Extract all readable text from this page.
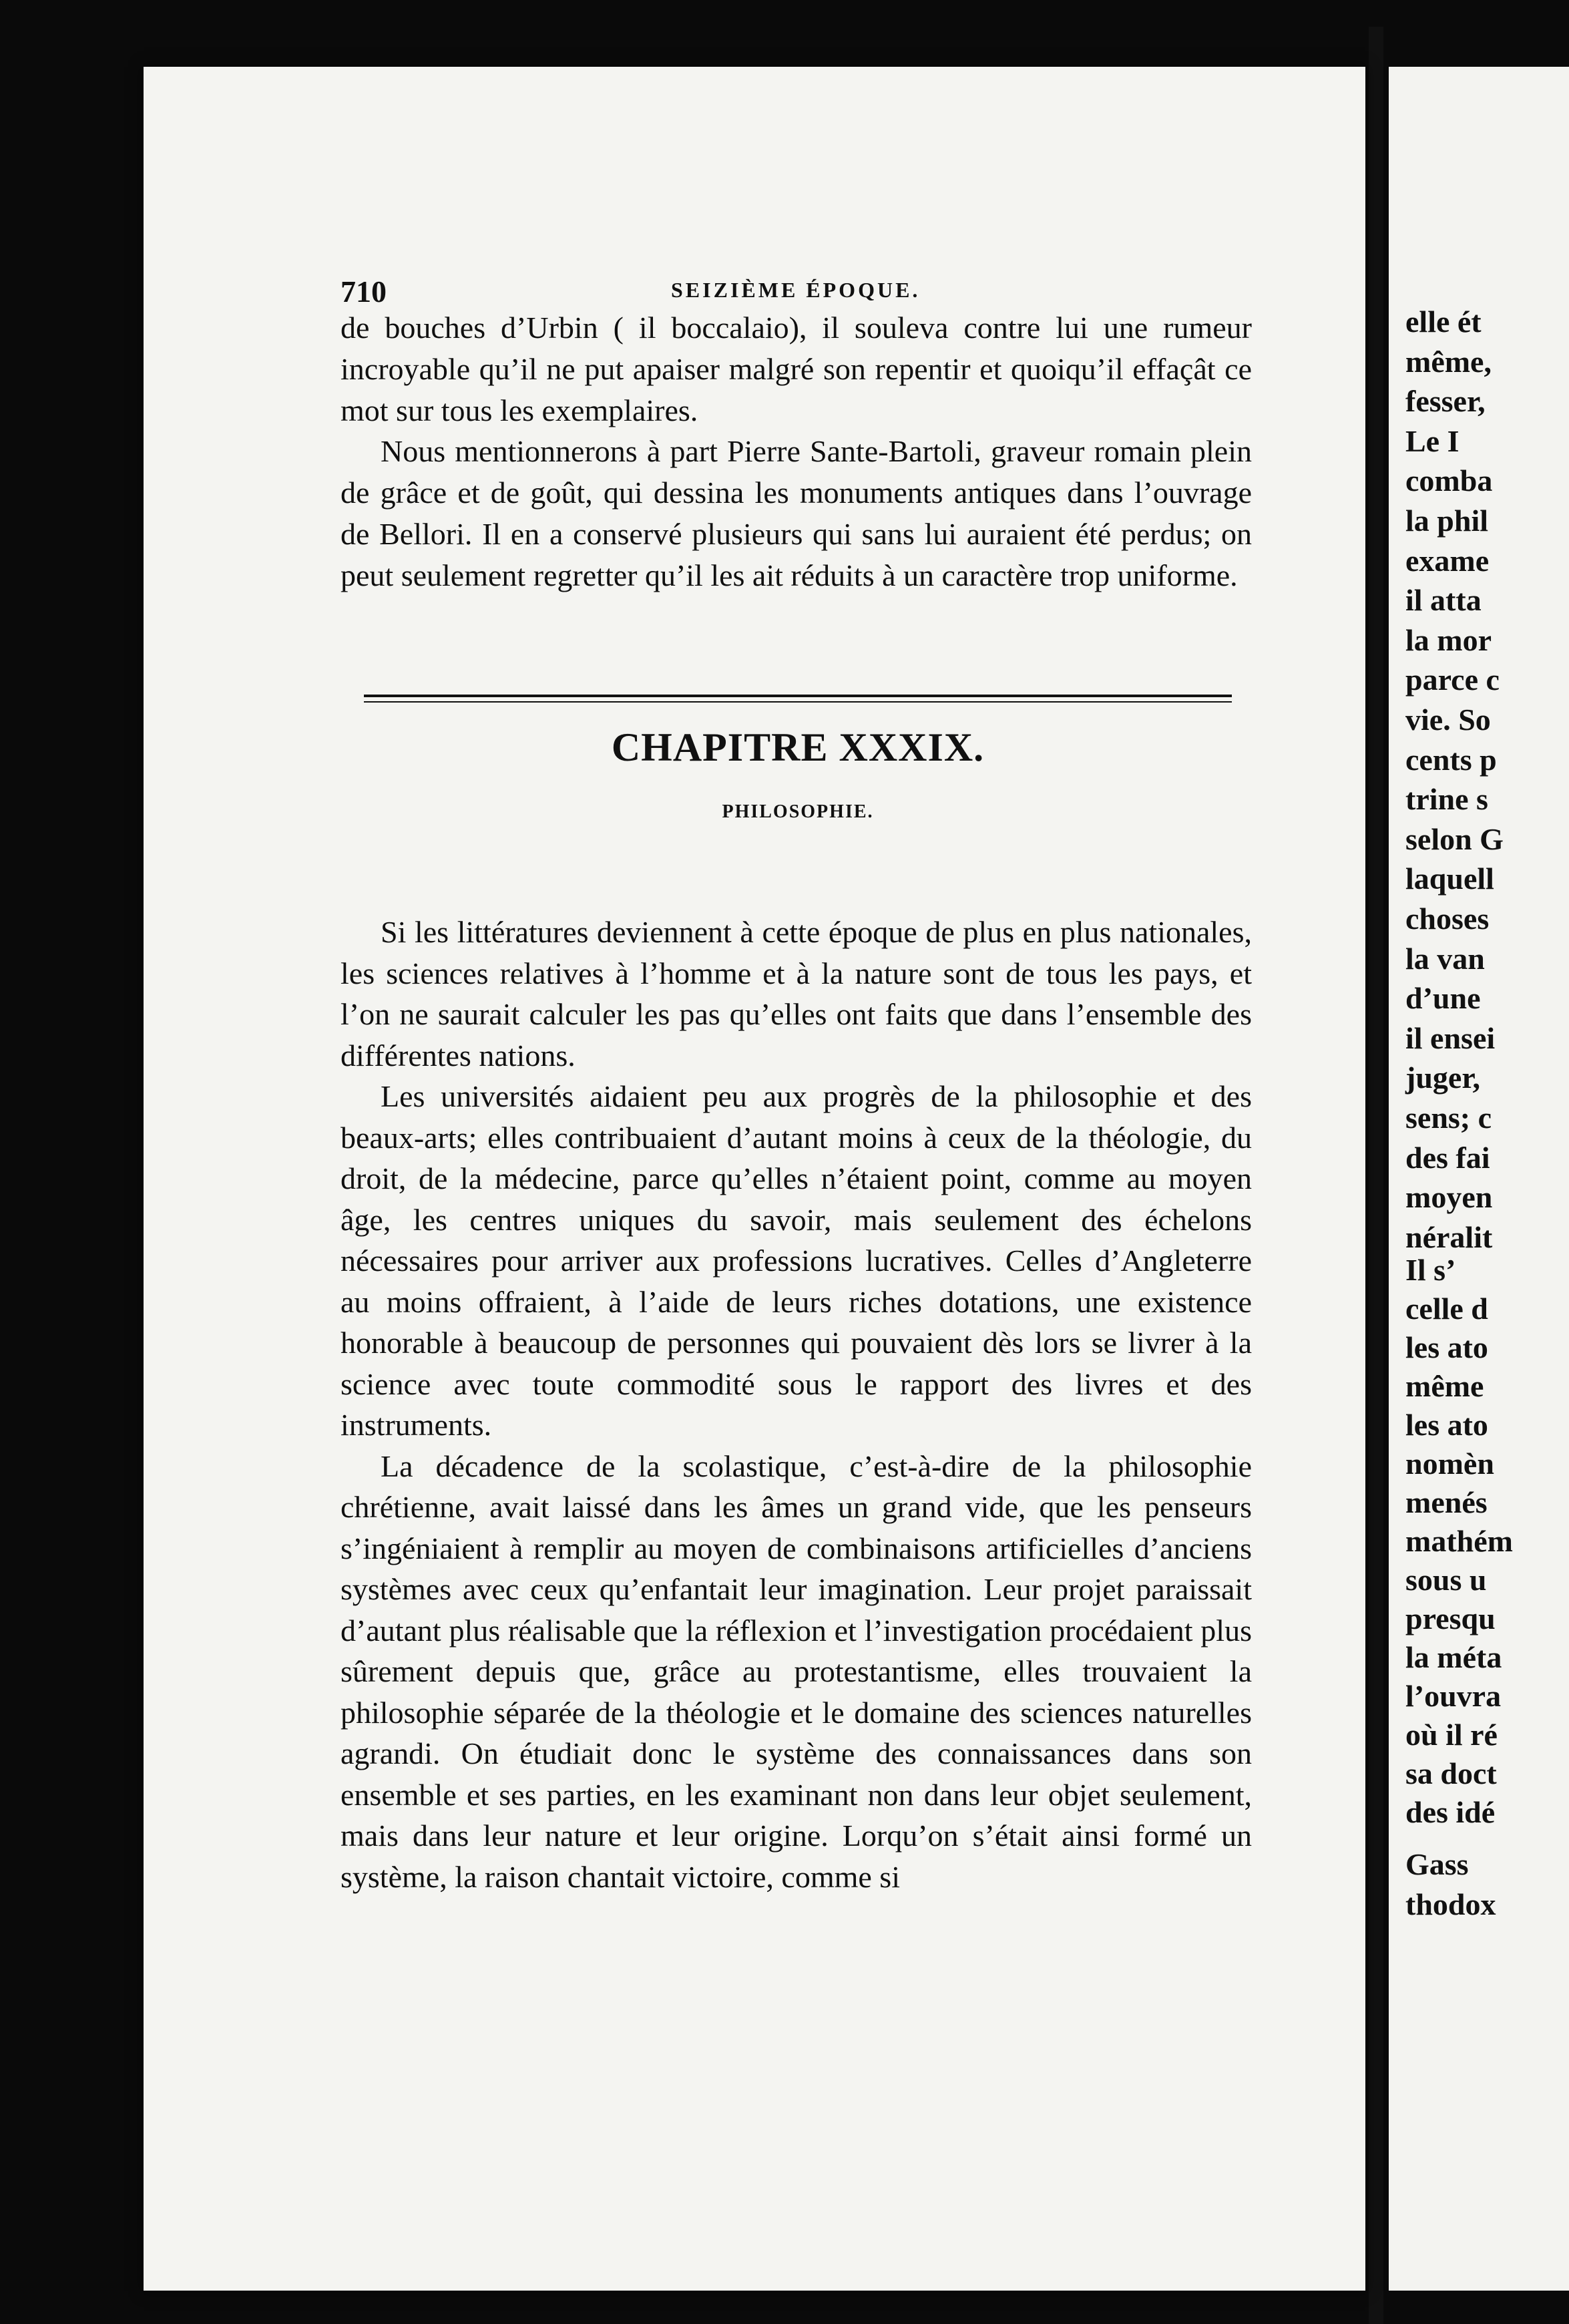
710	SEIZIÈME ÉPOQUE.

de bouches d’Urbin ( il boccalaio), il souleva contre lui une rumeur incroyable qu’il ne put apaiser malgré son repentir et quoiqu’il effaçât ce mot sur tous les exemplaires.

Nous mentionnerons à part Pierre Sante-Bartoli, graveur romain plein de grâce et de goût, qui dessina les monuments antiques dans l’ouvrage de Bellori. Il en a conservé plusieurs qui sans lui auraient été perdus; on peut seulement regretter qu’il les ait réduits à un caractère trop uniforme.

CHAPITRE XXXIX.
PHILOSOPHIE.

Si les littératures deviennent à cette époque de plus en plus nationales, les sciences relatives à l’homme et à la nature sont de tous les pays, et l’on ne saurait calculer les pas qu’elles ont faits que dans l’ensemble des différentes nations.

Les universités aidaient peu aux progrès de la philosophie et des beaux-arts; elles contribuaient d’autant moins à ceux de la théologie, du droit, de la médecine, parce qu’elles n’étaient point, comme au moyen âge, les centres uniques du savoir, mais seulement des échelons nécessaires pour arriver aux professions lucratives. Celles d’Angleterre au moins offraient, à l’aide de leurs riches dotations, une existence honorable à beaucoup de personnes qui pouvaient dès lors se livrer à la science avec toute commodité sous le rapport des livres et des instruments.

La décadence de la scolastique, c’est-à-dire de la philosophie chrétienne, avait laissé dans les âmes un grand vide, que les penseurs s’ingéniaient à remplir au moyen de combinaisons artificielles d’anciens systèmes avec ceux qu’enfantait leur imagination. Leur projet paraissait d’autant plus réalisable que la réflexion et l’investigation procédaient plus sûrement depuis que, grâce au protestantisme, elles trouvaient la philosophie séparée de la théologie et le domaine des sciences naturelles agrandi. On étudiait donc le système des connaissances dans son ensemble et ses parties, en les examinant non dans leur objet seulement, mais dans leur nature et leur origine. Lorqu’on s’était ainsi formé un système, la raison chantait victoire, comme si

elle ét
même,
fesser,
Le I
comba
la phil
exame
il atta
la mor
parce c
vie. So
cents p
trine s
selon G
laquell
choses
la van
d’une
il ensei
juger,
sens; c
des fai
moyen
néralit
Il s’
celle d
les ato
même
les ato
nomèn
menés
mathém
sous u
presqu
la méta
l’ouvra
où il ré
sa doct
des idé
Gass
thodox
